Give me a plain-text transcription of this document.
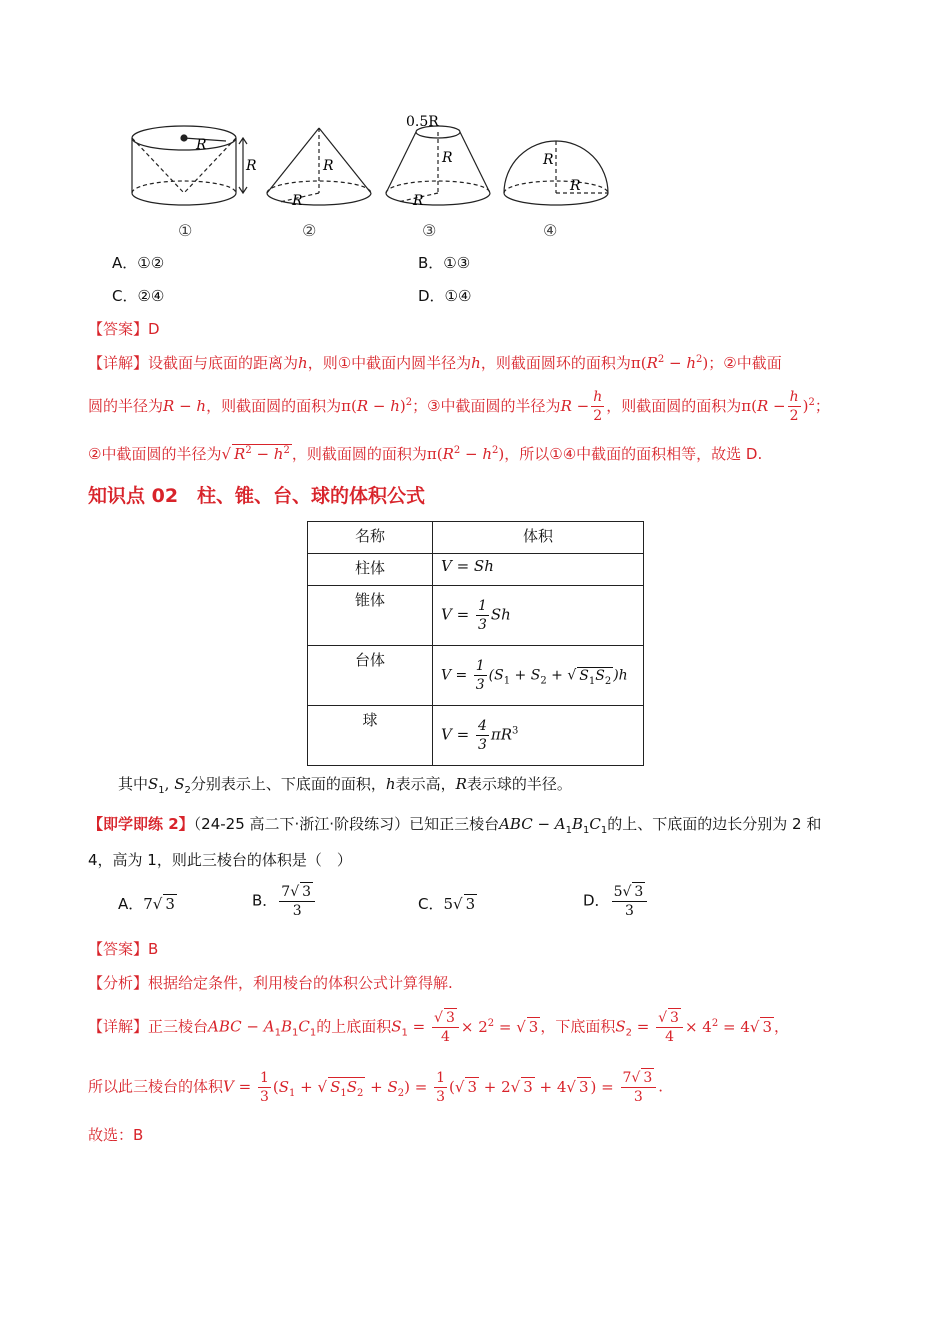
R
R
①
R
R
②
0.5R
R
R
③
R
R
④
A．①②	B．①③
C．②④	D．①④
【答案】D
【详解】设截面与底面的距离为h，则①中截面内圆半径为h，则截面圆环的面积为$\pi(R^2 - h^2)$；②中截面
圆的半径为R − h，则截面圆的面积为$\pi(R - h)^2$；③中截面圆的半径为$R - \frac{h}{2}$ ，则截面圆的面积为$\pi(R - \frac{h}{2} )^2$；
②中截面圆的半径为√ $R^2 - h^2$ ，则截面圆的面积为$\pi(R^2 - h^2)$，所以①④中截面的面积相等，故选 D.
知识点 02　柱、锥、台、球的体积公式
名称	体积
柱体	V = Sh
锥体	$V = \frac{1}{3}$ Sh
台体	$V = \frac{1}{3} (S_1 + S_2$ + √ $S_1S_2$ )h
球	$V = \frac{4}{3} \pi R^3$
其中$S_1$, $S_2$分别表示上、下底面的面积，h表示高，R表示球的半径。
【即学即练 2】（24-25 高二下·浙江·阶段练习）已知正三棱台ABC − $A_1B_1C_1$的上、下底面的边长分别为 2 和
4，高为 1，则此三棱台的体积是（　）
A．7√ 3	B． $\frac{7√ 3}{3}$	C．5√ 3	D． $\frac{5√ 3}{3}$
【答案】B
【分析】根据给定条件，利用棱台的体积公式计算得解.
【详解】正三棱台ABC − $A_1B_1C_1$的上底面积$S_1 = \frac{√ 3}{4} \times 2^2$ = √ 3 ，下底面积$S_2 = \frac{√ 3}{4} \times 4^2 = 4√$ 3 ，
所以此三棱台的体积$V = \frac{1}{3} (S_1$ + √ $S_1S_2 + S_2) = \frac{1}{3}$ (√ 3 + 2√ 3 + 4√ 3 ) = $\frac{7√ 3}{3}$ .
故选：B
